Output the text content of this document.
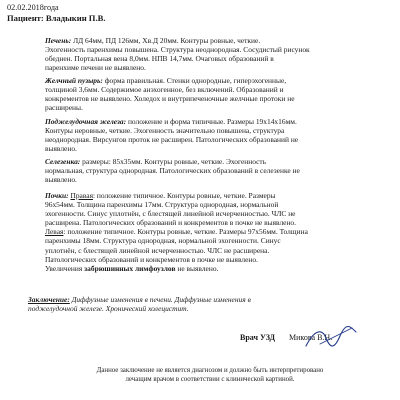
02.02.2018года
Пациент: Владыкин П.В.
Печень: ЛД 64мм, ПД 126мм, Хв.Д 20мм. Контуры ровные, четкие.
Эхогенность паренхимы повышена. Структура неоднородная. Сосудистый рисунок
обеднен. Портальная вена 8,0мм. НПВ 14,7мм. Очаговых образований в
паренхиме печени не выявлено.
Желчный пузырь: форма правильная. Стенки однородные, гиперэхогенные,
толщиной 3,6мм. Содержимое анэхогенное, без включений. Образований и
конкрементов не выявлено. Холедох и внутрипеченочные желчные протоки не
расширены.
Поджелудочная железа: положение и форма типичные. Размеры 19х14х16мм.
Контуры неровные, четкие. Эхогенность значительно повышена, структура
неоднородная. Вирсунгов проток не расширен. Патологических образований не
выявлено.
Селезенка: размеры: 85х35мм. Контуры ровные, четкие. Эхогенность
нормальная, структура однородная. Патологических образований в селезенке не
выявлено.
Почки: Правая: положение типичное. Контуры ровные, четкие. Размеры
96х54мм. Толщина паренхимы 17мм. Структура однородная, нормальной
эхогенности. Синус уплотнён, с блестящей линейной исчерченностью. ЧЛС не
расширена. Патологических образований и конкрементов в почке не выявлено.
Левая: положение типичное. Контуры ровные, четкие. Размеры 97х56мм. Толщина
паренхимы 18мм. Структура однородная, нормальной эхогенности. Синус
уплотнён, с блестящей линейной исчерченностью. ЧЛС не расширена.
Патологических образований и конкрементов в почке не выявлено.
Увеличения забрюшинных лимфоузлов не выявлено.
Заключение: Диффузные изменения в печени. Диффузные изменения в
поджелудочной железе. Хронический холецистит.
Врач УЗД Микова В.Н.
Данное заключение не является диагнозом и должно быть интерпретировано
лечащим врачом в соответствии с клинической картиной.
